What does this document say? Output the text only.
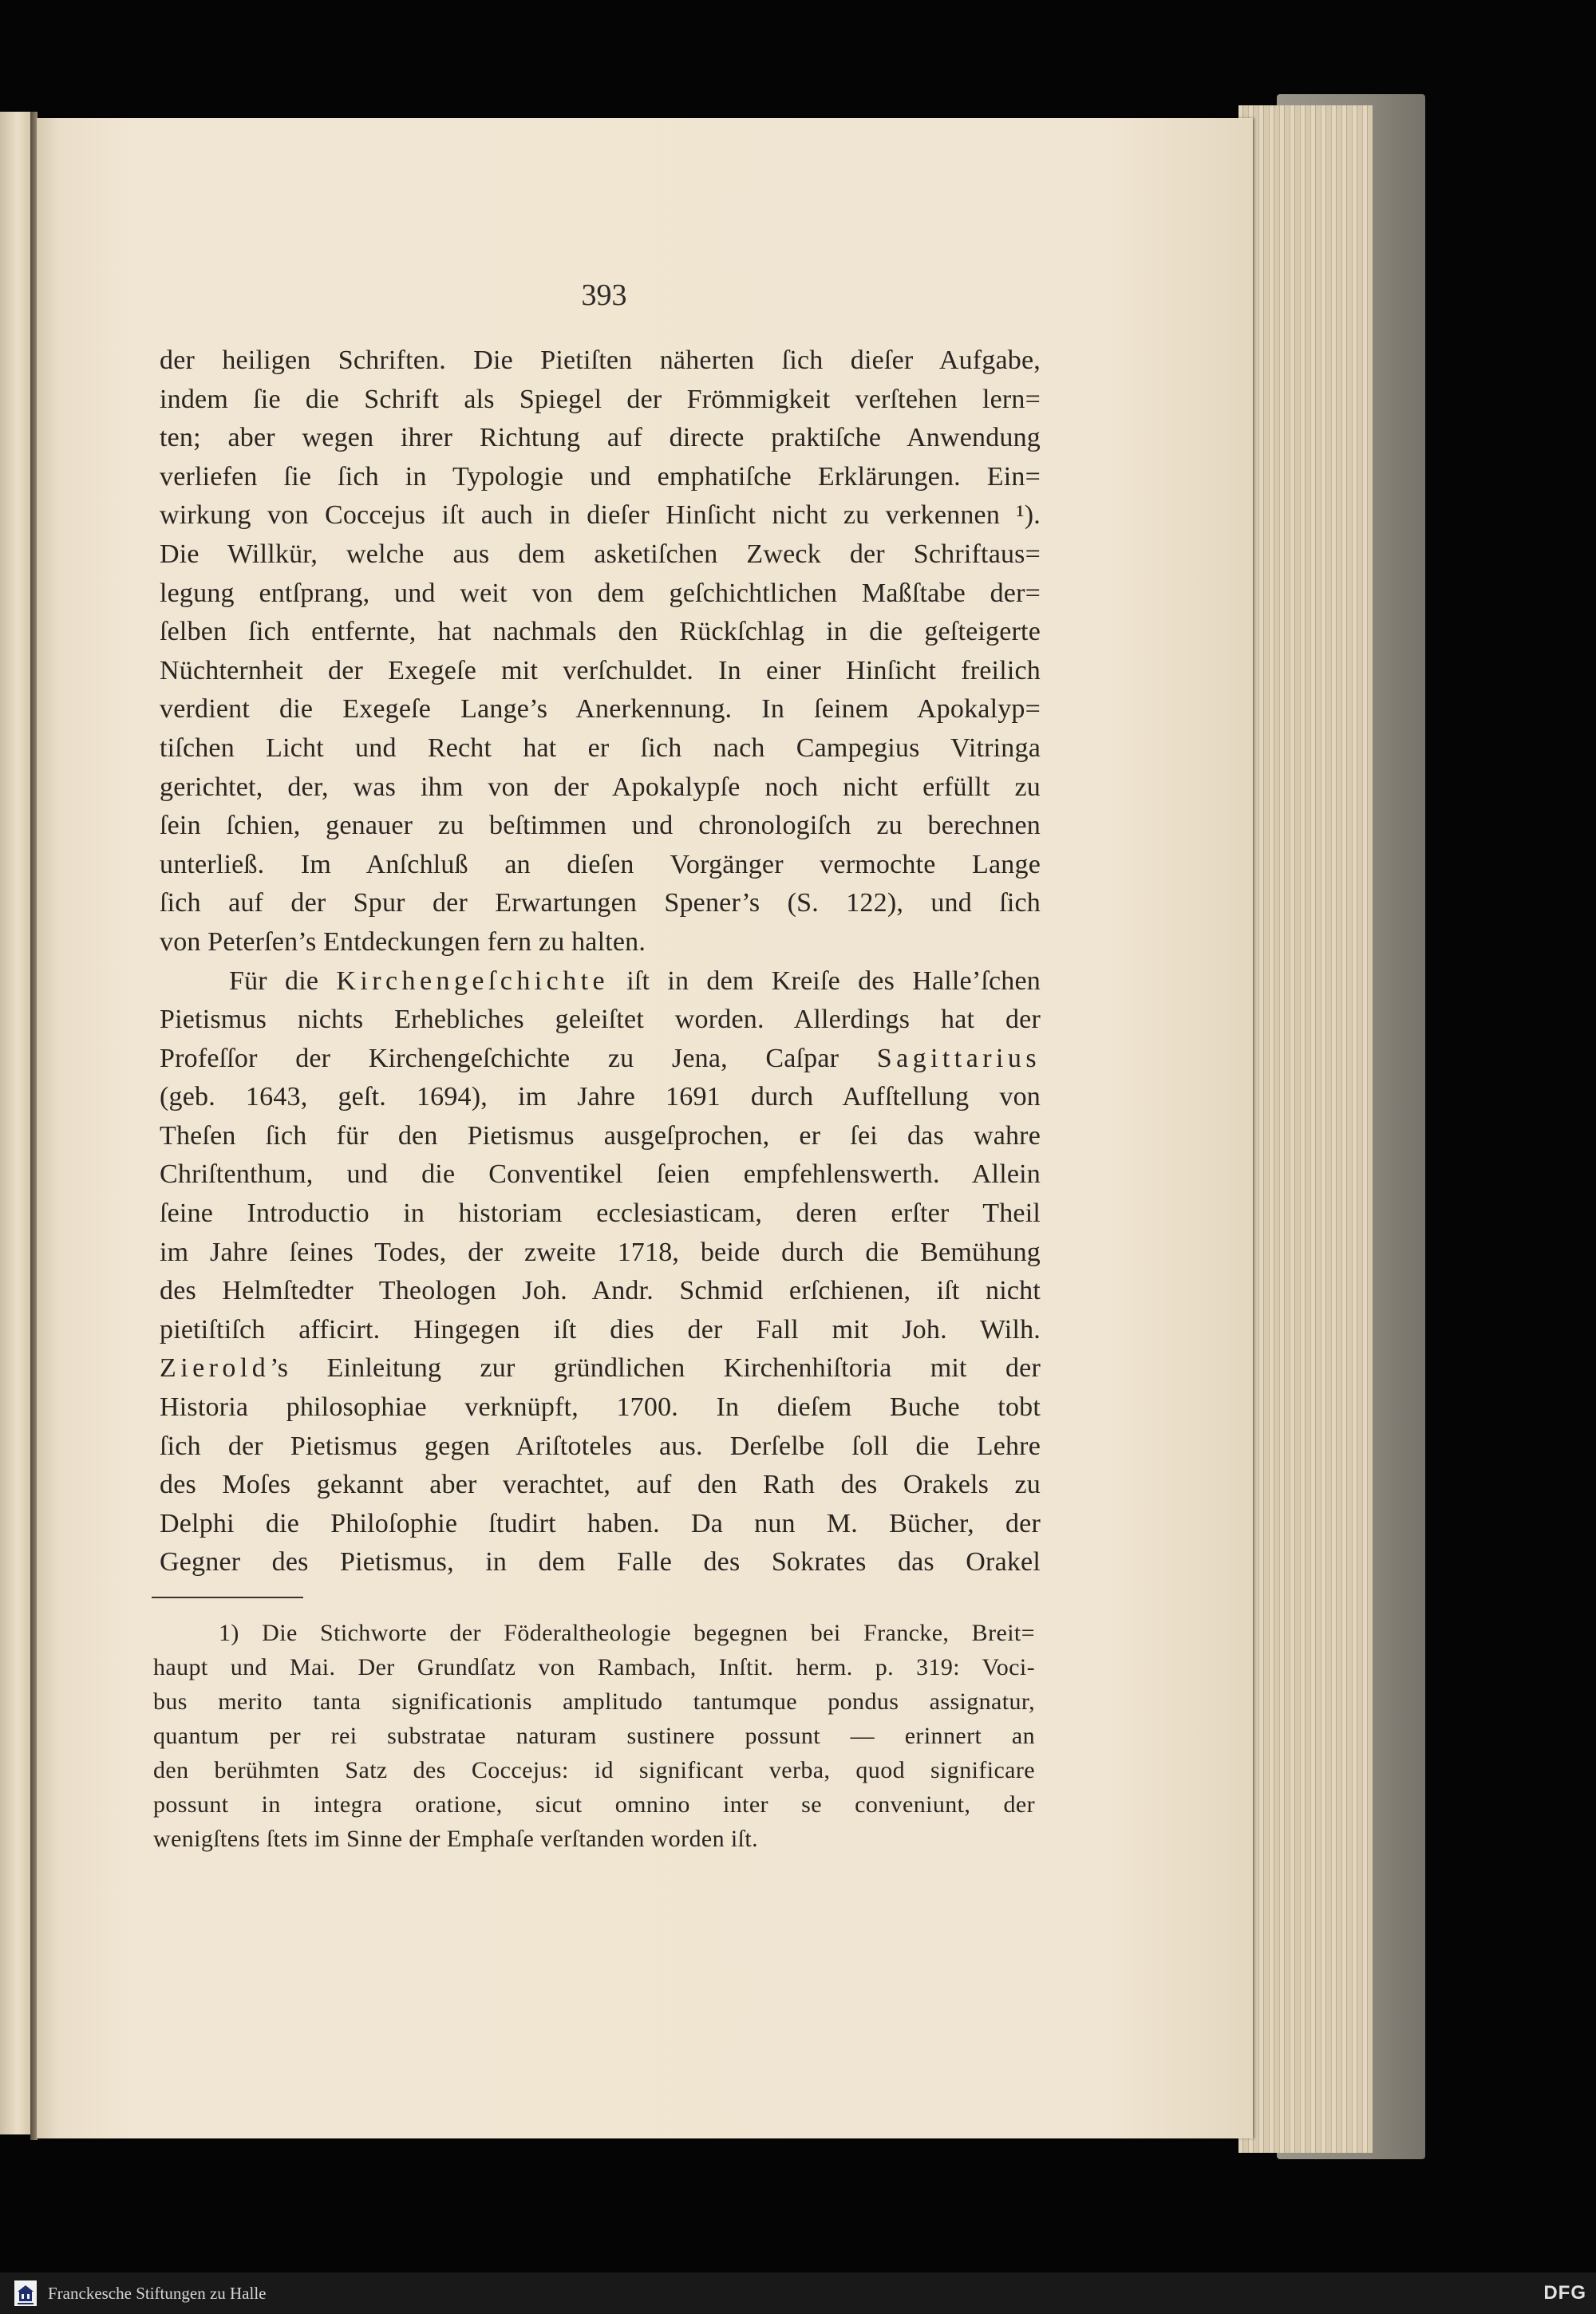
393
der heiligen Schriften. Die Pietiſten näherten ſich dieſer Aufgabe,
indem ſie die Schrift als Spiegel der Frömmigkeit verſtehen lern=
ten; aber wegen ihrer Richtung auf directe praktiſche Anwendung
verliefen ſie ſich in Typologie und emphatiſche Erklärungen. Ein=
wirkung von Coccejus iſt auch in dieſer Hinſicht nicht zu verkennen ¹).
Die Willkür, welche aus dem asketiſchen Zweck der Schriftaus=
legung entſprang, und weit von dem geſchichtlichen Maßſtabe der=
ſelben ſich entfernte, hat nachmals den Rückſchlag in die geſteigerte
Nüchternheit der Exegeſe mit verſchuldet. In einer Hinſicht freilich
verdient die Exegeſe Lange’s Anerkennung. In ſeinem Apokalyp=
tiſchen Licht und Recht hat er ſich nach Campegius Vitringa
gerichtet, der, was ihm von der Apokalypſe noch nicht erfüllt zu
ſein ſchien, genauer zu beſtimmen und chronologiſch zu berechnen
unterließ. Im Anſchluß an dieſen Vorgänger vermochte Lange
ſich auf der Spur der Erwartungen Spener’s (S. 122), und ſich
von Peterſen’s Entdeckungen fern zu halten.
Für die Kirchengeſchichte iſt in dem Kreiſe des Halle’ſchen
Pietismus nichts Erhebliches geleiſtet worden. Allerdings hat der
Profeſſor der Kirchengeſchichte zu Jena, Caſpar Sagittarius
(geb. 1643, geſt. 1694), im Jahre 1691 durch Aufſtellung von
Theſen ſich für den Pietismus ausgeſprochen, er ſei das wahre
Chriſtenthum, und die Conventikel ſeien empfehlenswerth. Allein
ſeine Introductio in historiam ecclesiasticam, deren erſter Theil
im Jahre ſeines Todes, der zweite 1718, beide durch die Bemühung
des Helmſtedter Theologen Joh. Andr. Schmid erſchienen, iſt nicht
pietiſtiſch afficirt. Hingegen iſt dies der Fall mit Joh. Wilh.
Zierold’s Einleitung zur gründlichen Kirchenhiſtoria mit der
Historia philosophiae verknüpft, 1700. In dieſem Buche tobt
ſich der Pietismus gegen Ariſtoteles aus. Derſelbe ſoll die Lehre
des Moſes gekannt aber verachtet, auf den Rath des Orakels zu
Delphi die Philoſophie ſtudirt haben. Da nun M. Bücher, der
Gegner des Pietismus, in dem Falle des Sokrates das Orakel
1) Die Stichworte der Föderaltheologie begegnen bei Francke, Breit=
haupt und Mai. Der Grundſatz von Rambach, Inſtit. herm. p. 319: Voci-
bus merito tanta significationis amplitudo tantumque pondus assignatur,
quantum per rei substratae naturam sustinere possunt — erinnert an
den berühmten Satz des Coccejus: id significant verba, quod significare
possunt in integra oratione, sicut omnino inter se conveniunt, der
wenigſtens ſtets im Sinne der Emphaſe verſtanden worden iſt.
Franckesche Stiftungen zu Halle	DFG
